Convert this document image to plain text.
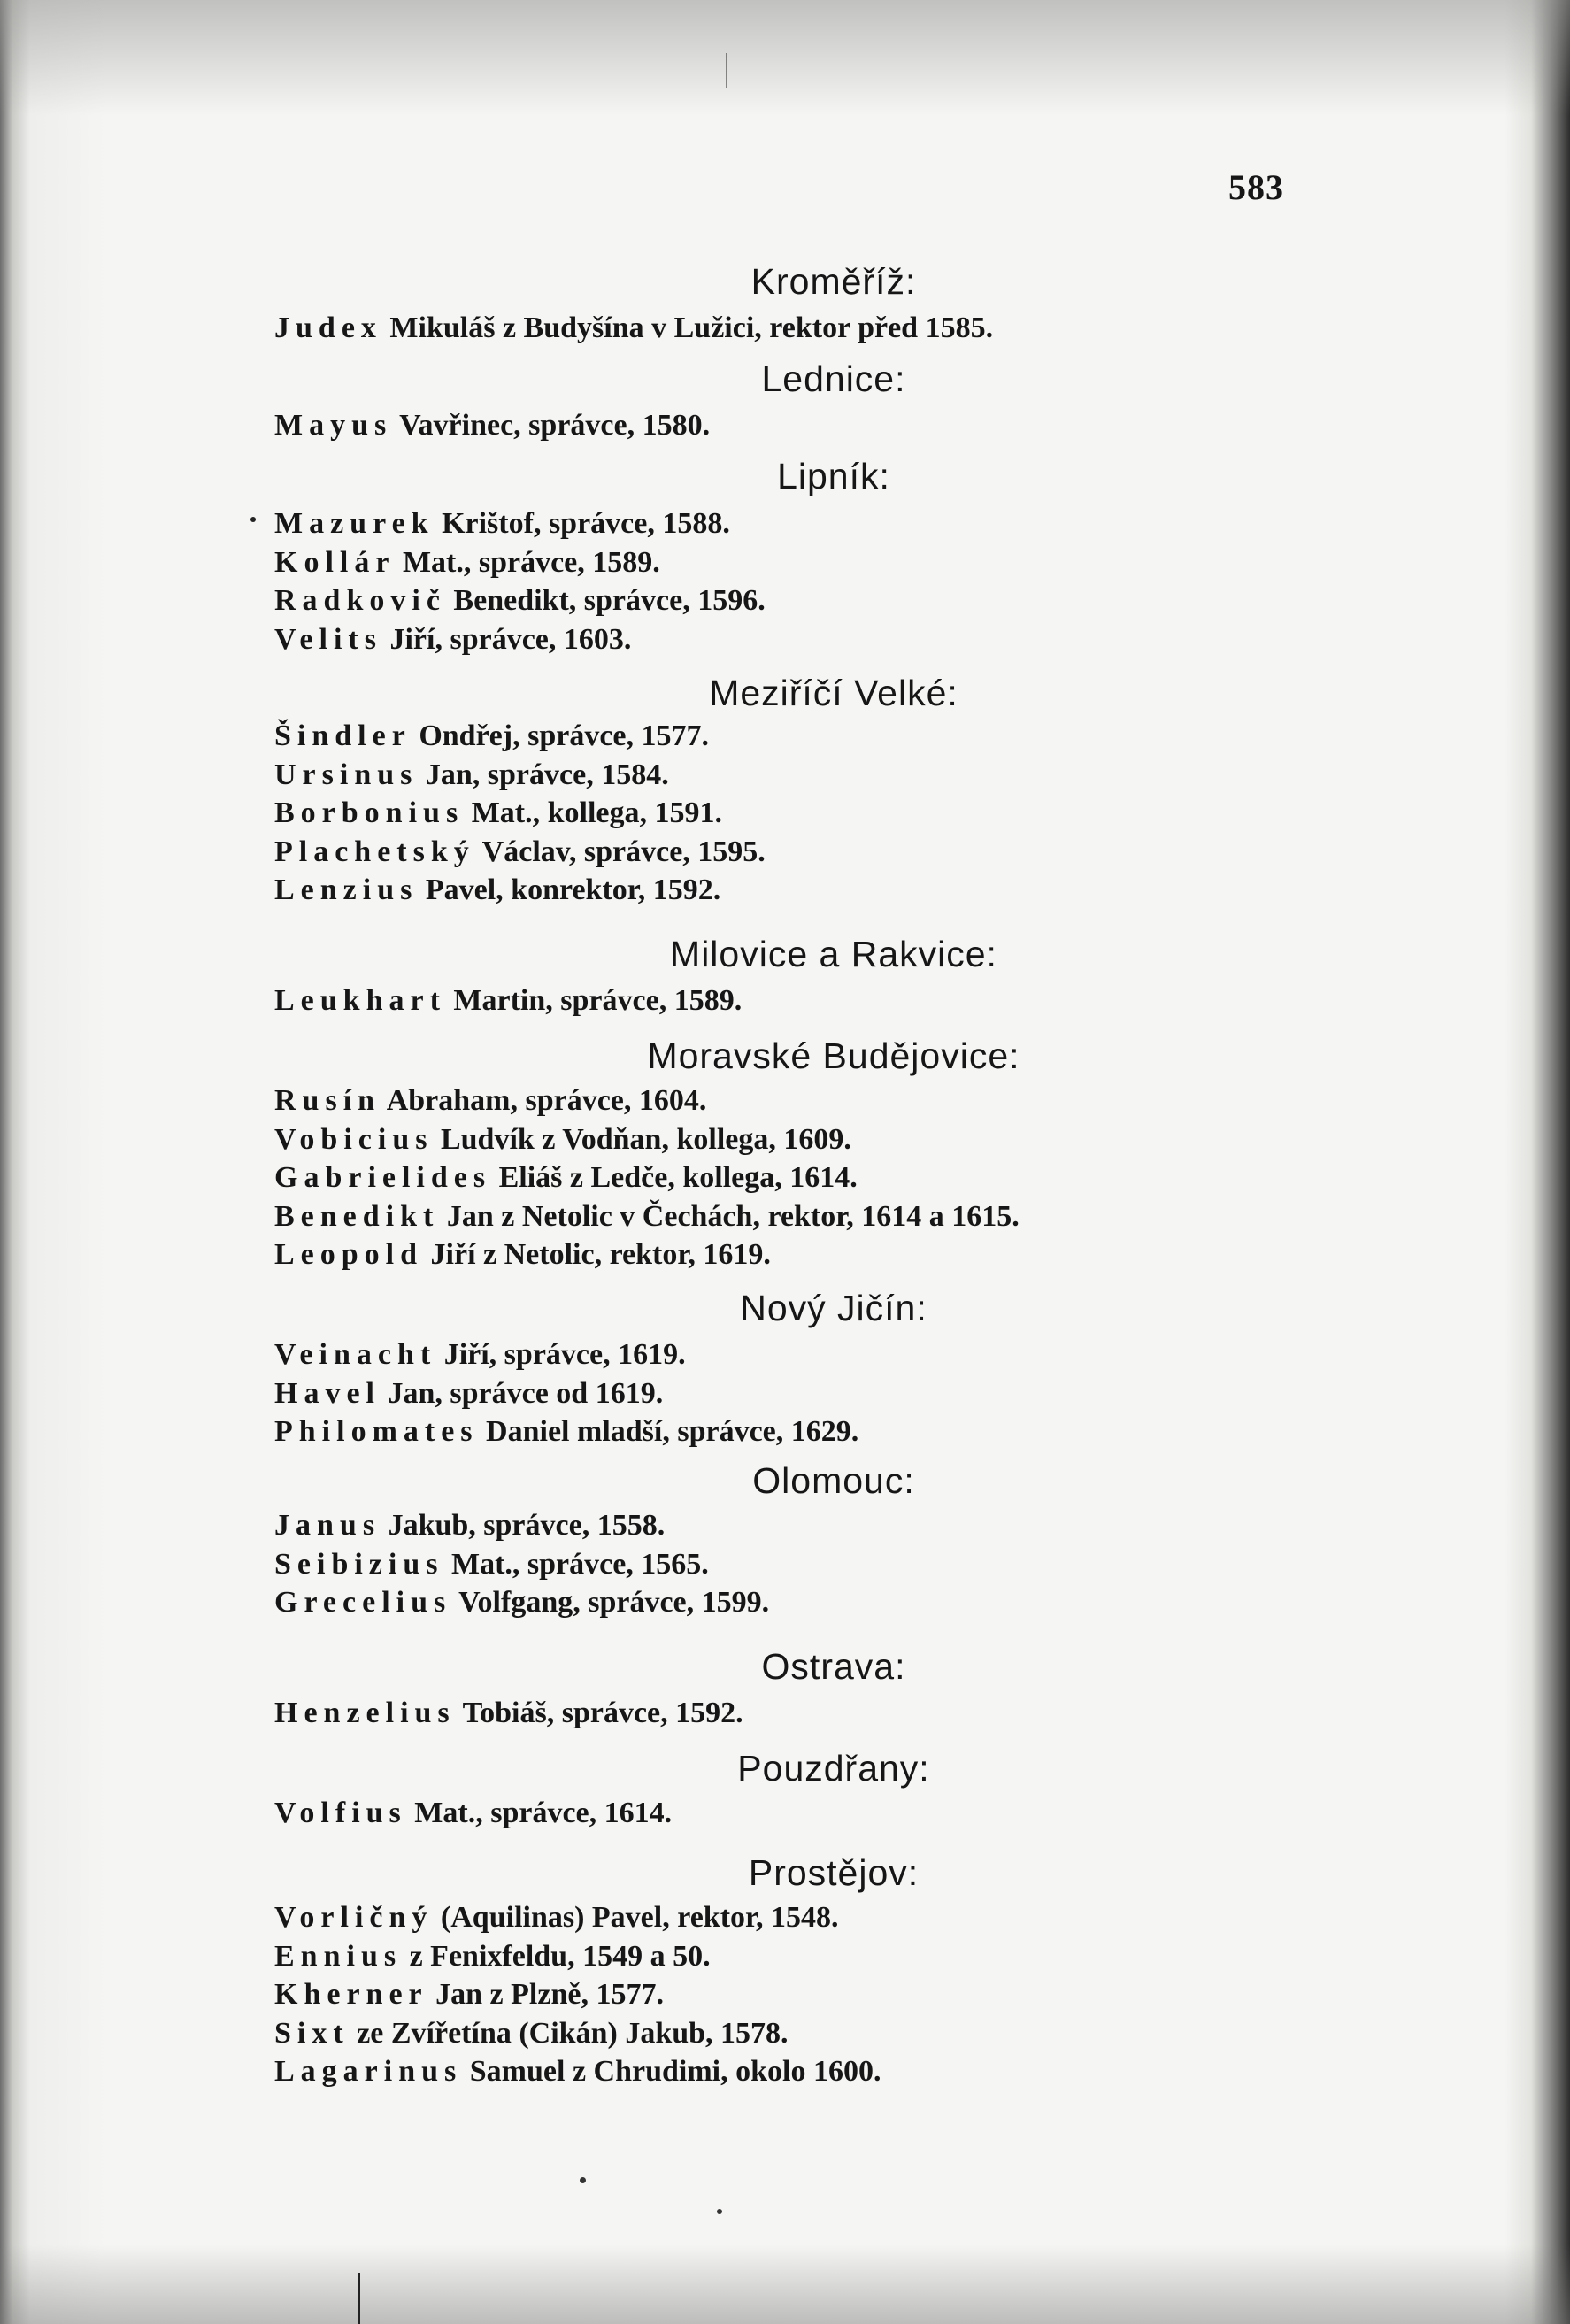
583
Kroměříž:
Judex Mikuláš z Budyšína v Lužici, rektor před 1585.
Lednice:
Mayus Vavřinec, správce, 1580.
Lipník:
Mazurek Krištof, správce, 1588.
Kollár Mat., správce, 1589.
Radkovič Benedikt, správce, 1596.
Velits Jiří, správce, 1603.
Meziříčí Velké:
Šindler Ondřej, správce, 1577.
Ursinus Jan, správce, 1584.
Borbonius Mat., kollega, 1591.
Plachetský Václav, správce, 1595.
Lenzius Pavel, konrektor, 1592.
Milovice a Rakvice:
Leukhart Martin, správce, 1589.
Moravské Budějovice:
Rusín Abraham, správce, 1604.
Vobicius Ludvík z Vodňan, kollega, 1609.
Gabrielides Eliáš z Ledče, kollega, 1614.
Benedikt Jan z Netolic v Čechách, rektor, 1614 a 1615.
Leopold Jiří z Netolic, rektor, 1619.
Nový Jičín:
Veinacht Jiří, správce, 1619.
Havel Jan, správce od 1619.
Philomates Daniel mladší, správce, 1629.
Olomouc:
Janus Jakub, správce, 1558.
Seibizius Mat., správce, 1565.
Grecelius Volfgang, správce, 1599.
Ostrava:
Henzelius Tobiáš, správce, 1592.
Pouzdřany:
Volfius Mat., správce, 1614.
Prostějov:
Vorličný (Aquilinas) Pavel, rektor, 1548.
Ennius z Fenixfeldu, 1549 a 50.
Kherner Jan z Plzně, 1577.
Sixt ze Zvířetína (Cikán) Jakub, 1578.
Lagarinus Samuel z Chrudimi, okolo 1600.
